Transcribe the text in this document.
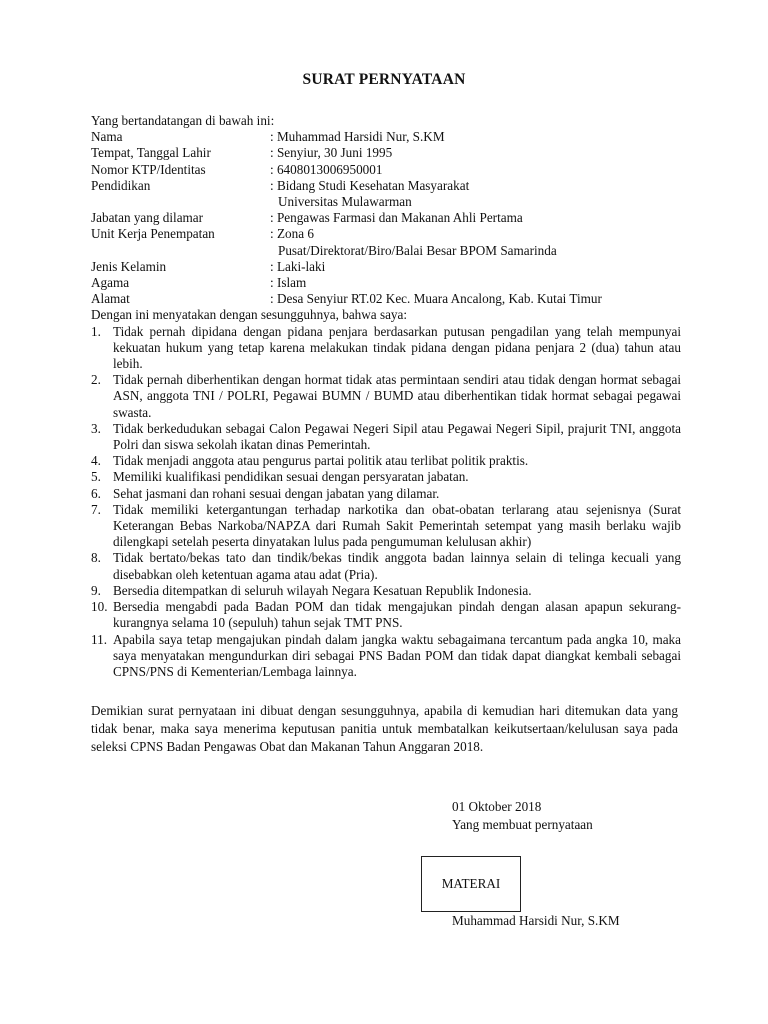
SURAT PERNYATAAN
Yang bertandatangan di bawah ini:
Nama	: Muhammad Harsidi Nur, S.KM
Tempat, Tanggal Lahir	: Senyiur, 30 Juni 1995
Nomor KTP/Identitas	: 6408013006950001
Pendidikan	: Bidang Studi Kesehatan Masyarakat
Universitas Mulawarman
Jabatan yang dilamar	: Pengawas Farmasi dan Makanan Ahli Pertama
Unit Kerja Penempatan	: Zona 6
Pusat/Direktorat/Biro/Balai Besar BPOM Samarinda
Jenis Kelamin	: Laki-laki
Agama	: Islam
Alamat	: Desa Senyiur RT.02 Kec. Muara Ancalong, Kab. Kutai Timur
Dengan ini menyatakan dengan sesungguhnya, bahwa saya:
1. Tidak pernah dipidana dengan pidana penjara berdasarkan putusan pengadilan yang telah mempunyai kekuatan hukum yang tetap karena melakukan tindak pidana dengan pidana penjara 2 (dua) tahun atau lebih.
2. Tidak pernah diberhentikan dengan hormat tidak atas permintaan sendiri atau tidak dengan hormat sebagai ASN, anggota TNI / POLRI, Pegawai BUMN / BUMD atau diberhentikan tidak hormat sebagai pegawai swasta.
3. Tidak berkedudukan sebagai Calon Pegawai Negeri Sipil atau Pegawai Negeri Sipil, prajurit TNI, anggota Polri dan siswa sekolah ikatan dinas Pemerintah.
4. Tidak menjadi anggota atau pengurus partai politik atau terlibat politik praktis.
5. Memiliki kualifikasi pendidikan sesuai dengan persyaratan jabatan.
6. Sehat jasmani dan rohani sesuai dengan jabatan yang dilamar.
7. Tidak memiliki ketergantungan terhadap narkotika dan obat-obatan terlarang atau sejenisnya (Surat Keterangan Bebas Narkoba/NAPZA dari Rumah Sakit Pemerintah setempat yang masih berlaku wajib dilengkapi setelah peserta dinyatakan lulus pada pengumuman kelulusan akhir)
8. Tidak bertato/bekas tato dan tindik/bekas tindik anggota badan lainnya selain di telinga kecuali yang disebabkan oleh ketentuan agama atau adat (Pria).
9. Bersedia ditempatkan di seluruh wilayah Negara Kesatuan Republik Indonesia.
10. Bersedia mengabdi pada Badan POM dan tidak mengajukan pindah dengan alasan apapun sekurang-kurangnya selama 10 (sepuluh) tahun sejak TMT PNS.
11. Apabila saya tetap mengajukan pindah dalam jangka waktu sebagaimana tercantum pada angka 10, maka saya menyatakan mengundurkan diri sebagai PNS Badan POM dan tidak dapat diangkat kembali sebagai CPNS/PNS di Kementerian/Lembaga lainnya.
Demikian surat pernyataan ini dibuat dengan sesungguhnya, apabila di kemudian hari ditemukan data yang tidak benar, maka saya menerima keputusan panitia untuk membatalkan keikutsertaan/kelulusan saya pada seleksi CPNS Badan Pengawas Obat dan Makanan Tahun Anggaran 2018.
01 Oktober 2018
Yang membuat pernyataan
MATERAI
Muhammad Harsidi Nur, S.KM
